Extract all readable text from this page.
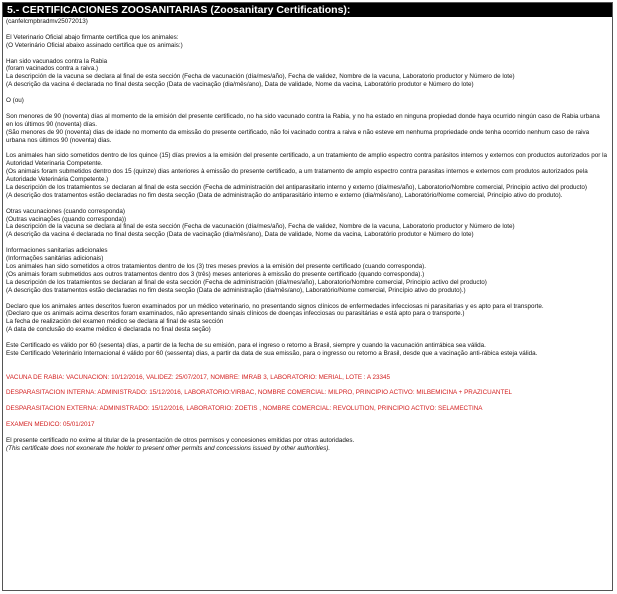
5.- CERTIFICACIONES ZOOSANITARIAS (Zoosanitary Certifications):

(canfelcmpbradmv25072013)

El Veterinario Oficial abajo firmante certifica que los animales:

(O Veterinário Oficial abaixo assinado certifica que os animais:)

Han sido vacunados contra la Rabia

(foram vacinados contra a raiva.)

La descripción de la vacuna se declara al final de esta sección (Fecha de vacunación (día/mes/año), Fecha de validez, Nombre de la vacuna, Laboratorio productor y Número de lote)

(A descrição da vacina é declarada no final desta secção (Data de vacinação (dia/mês/ano), Data de validade, Nome da vacina, Laboratório produtor e Número do lote)

O (ou)

Son menores de 90 (noventa) días al momento de la emisión del presente certificado, no ha sido vacunado contra la Rabia, y no ha estado en ninguna propiedad donde haya ocurrido ningún caso de Rabia urbana en los últimos 90 (noventa) días.

(São menores de 90 (noventa) dias de idade no momento da emissão do presente certificado, não foi vacinado contra a raiva e não esteve em nenhuma propriedade onde tenha ocorrido nenhum caso de raiva urbana nos últimos 90 (noventa) dias.

Los animales han sido sometidos dentro de los quince (15) días previos a la emisión del presente certificado, a un tratamiento de amplio espectro contra parásitos internos y externos con productos autorizados por la Autoridad Veterinaria Competente.

(Os animais foram submetidos dentro dos 15 (quinze) dias anteriores à emissão do presente certificado, a um tratamento de amplo espectro contra parasitas internos e externos com produtos autorizados pela Autoridade Veterinária Competente.)

La descripción de los tratamientos se declaran al final de esta sección (Fecha de administración del antiparasitario interno y externo (día/mes/año), Laboratorio/Nombre comercial, Principio activo del producto)

(A descrição dos tratamentos estão declaradas no fim desta secção (Data de administração do antiparasitário interno e externo (dia/mês/ano), Laboratório/Nome comercial, Princípio ativo do produto).

Otras vacunaciones (cuando corresponda)

(Outras vacinações (quando corresponda))

La descripción de la vacuna se declara al final de esta sección (Fecha de vacunación (día/mes/año), Fecha de validez, Nombre de la vacuna, Laboratorio productor y Número de lote)

(A descrição da vacina é declarada no final desta secção (Data de vacinação (dia/mês/ano), Data de validade, Nome da vacina, Laboratório produtor e Número do lote)

Informaciones sanitarias adicionales

(Informações sanitárias adicionais)

Los animales han sido sometidos a otros tratamientos dentro de los (3) tres meses previos a la emisión del presente certificado (cuando corresponda).

(Os animais foram submetidos aos outros tratamentos dentro dos 3 (três) meses anteriores à emissão do presente certificado (quando corresponda).)

La descripción de los tratamientos se declaran al final de esta sección (Fecha de administración (día/mes/año), Laboratorio/Nombre comercial, Principio activo del producto)

(A descrição dos tratamentos estão declaradas no fim desta secção (Data de administração (dia/mês/ano), Laboratório/Nome comercial, Princípio ativo do produto).)

Declaro que los animales antes descritos fueron examinados por un médico veterinario, no presentando signos clínicos de enfermedades infecciosas ni parasitarias y es apto para el transporte.

(Declaro que os animais acima descritos foram examinados, não apresentando sinais clínicos de doenças infecciosas ou parasitárias e está apto para o transporte.)

La fecha de realización del examen médico se declara al final de esta sección

(A data de conclusão do exame médico é declarada no final desta seção)

Este Certificado es válido por 60 (sesenta) días, a partir de la fecha de su emisión, para el ingreso o retorno a Brasil, siempre y cuando la vacunación antirrábica sea válida.

Este Certificado Veterinário Internacional é válido por 60 (sessenta) dias, a partir da data de sua emissão, para o ingresso ou retorno a Brasil, desde que a vacinação anti-rábica esteja válida.

VACUNA DE RABIA: VACUNACION: 10/12/2016, VALIDEZ: 25/07/2017, NOMBRE: IMRAB 3, LABORATORIO: MERIAL, LOTE : A 23345

DESPARASITACION INTERNA: ADMINISTRADO: 15/12/2016, LABORATORIO:VIRBAC, NOMBRE COMERCIAL: MILPRO, PRINCIPIO ACTIVO: MILBEMICINA + PRAZICUANTEL

DESPARASITACION EXTERNA: ADMINISTRADO: 15/12/2016, LABORATORIO: ZOETIS , NOMBRE COMERCIAL: REVOLUTION, PRINCIPIO ACTIVO: SELAMECTINA

EXAMEN MEDICO: 05/01/2017

El presente certificado no exime al titular de la presentación de otros permisos y concesiones emitidas por otras autoridades.

(This certificate does not exonerate the holder to present other permits and concessions issued by other authorities).
